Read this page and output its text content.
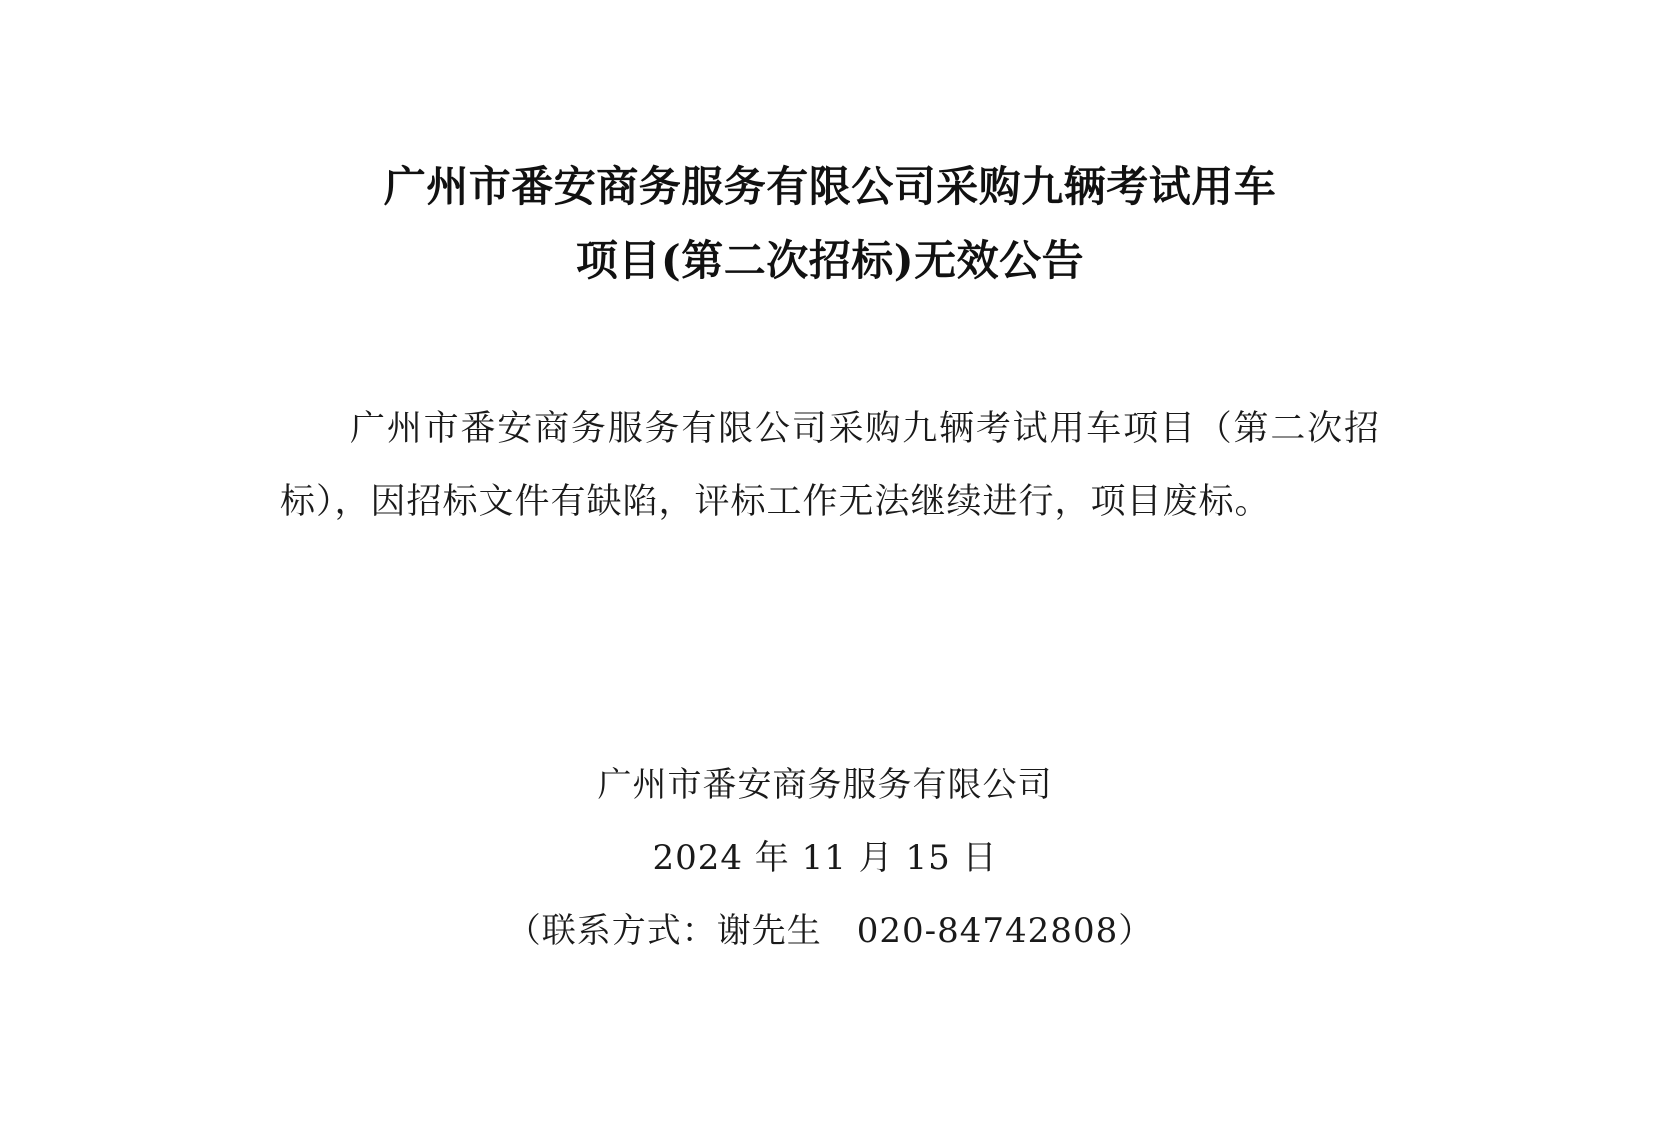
广州市番安商务服务有限公司采购九辆考试用车
项目(第二次招标)无效公告

广州市番安商务服务有限公司采购九辆考试用车项目（第二次招标），因招标文件有缺陷，评标工作无法继续进行，项目废标。

广州市番安商务服务有限公司
2024 年 11 月 15 日
（联系方式：谢先生　020-84742808）
